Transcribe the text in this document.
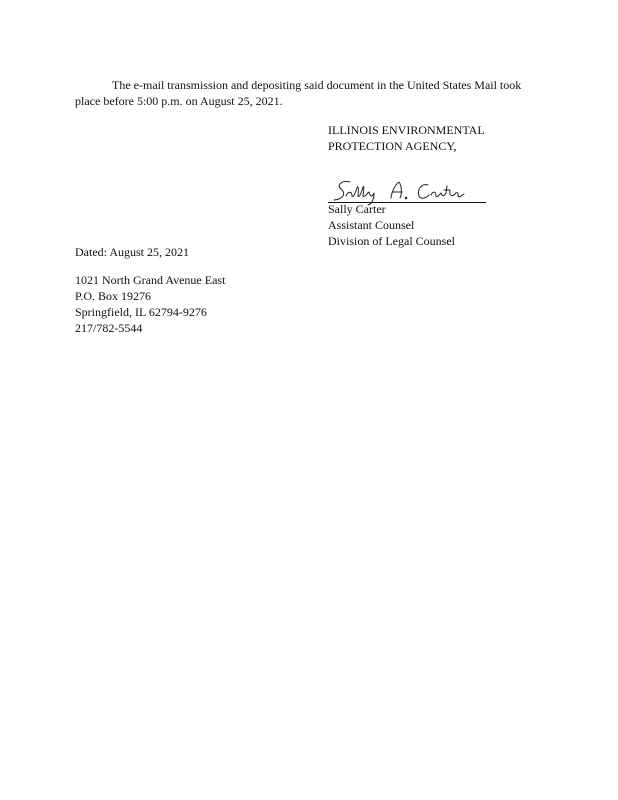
The e-mail transmission and depositing said document in the United States Mail took place before 5:00 p.m. on August 25, 2021.

ILLINOIS ENVIRONMENTAL
PROTECTION AGENCY,
Sally Carter
Assistant Counsel
Division of Legal Counsel
Dated: August 25, 2021
1021 North Grand Avenue East
P.O. Box 19276
Springfield, IL 62794-9276
217/782-5544
